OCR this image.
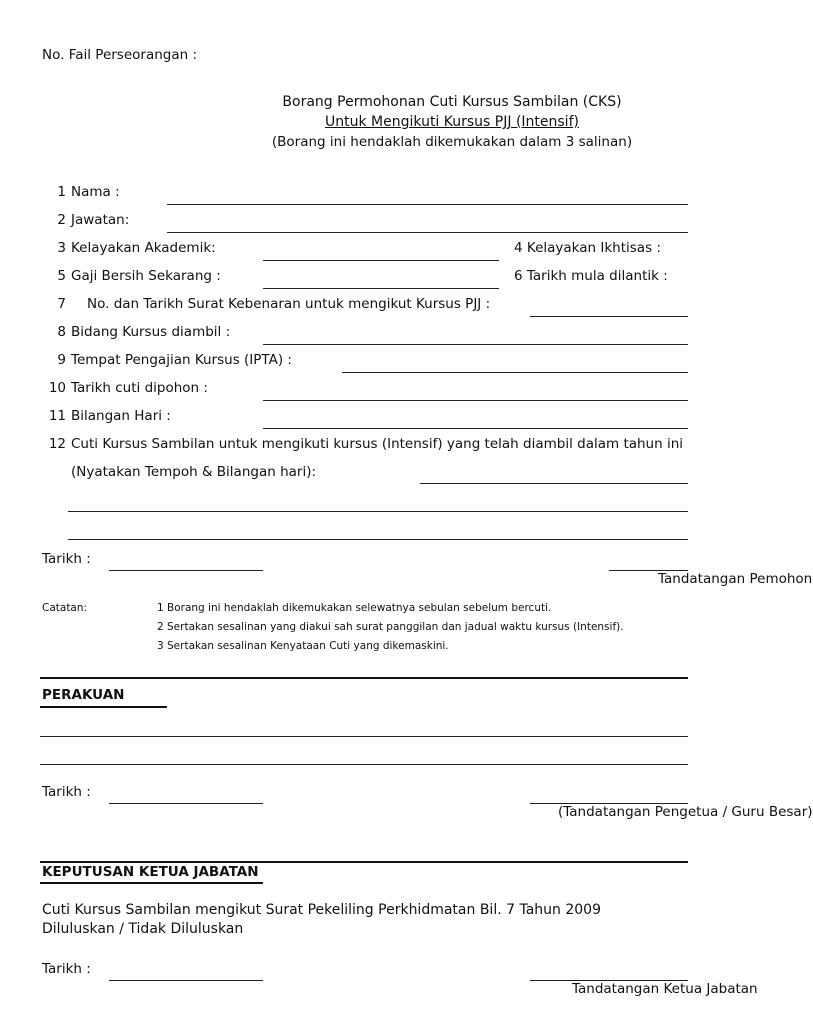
No. Fail Perseorangan :
Borang Permohonan Cuti Kursus Sambilan (CKS)
Untuk Mengikuti Kursus PJJ (Intensif)
(Borang ini hendaklah dikemukakan dalam 3 salinan)
1 Nama :
2 Jawatan:
3 Kelayakan Akademik:	4 Kelayakan Ikhtisas :
5 Gaji Bersih Sekarang :	6 Tarikh mula dilantik :
7 No. dan Tarikh Surat Kebenaran untuk mengikut Kursus PJJ :
8 Bidang Kursus diambil :
9 Tempat Pengajian Kursus (IPTA) :
10 Tarikh cuti dipohon :
11 Bilangan Hari :
12 Cuti Kursus Sambilan untuk mengikuti kursus (Intensif) yang telah diambil dalam tahun ini
(Nyatakan Tempoh & Bilangan hari):
Tarikh :
Tandatangan Pemohon
Catatan:	1 Borang ini hendaklah dikemukakan selewatnya sebulan sebelum bercuti.
2 Sertakan sesalinan yang diakui sah surat panggilan dan jadual waktu kursus (Intensif).
3 Sertakan sesalinan Kenyataan Cuti yang dikemaskini.
PERAKUAN
Tarikh :
(Tandatangan Pengetua / Guru Besar)
KEPUTUSAN KETUA JABATAN
Cuti Kursus Sambilan mengikut Surat Pekeliling Perkhidmatan Bil. 7 Tahun 2009
Diluluskan / Tidak Diluluskan
Tarikh :
Tandatangan Ketua Jabatan
